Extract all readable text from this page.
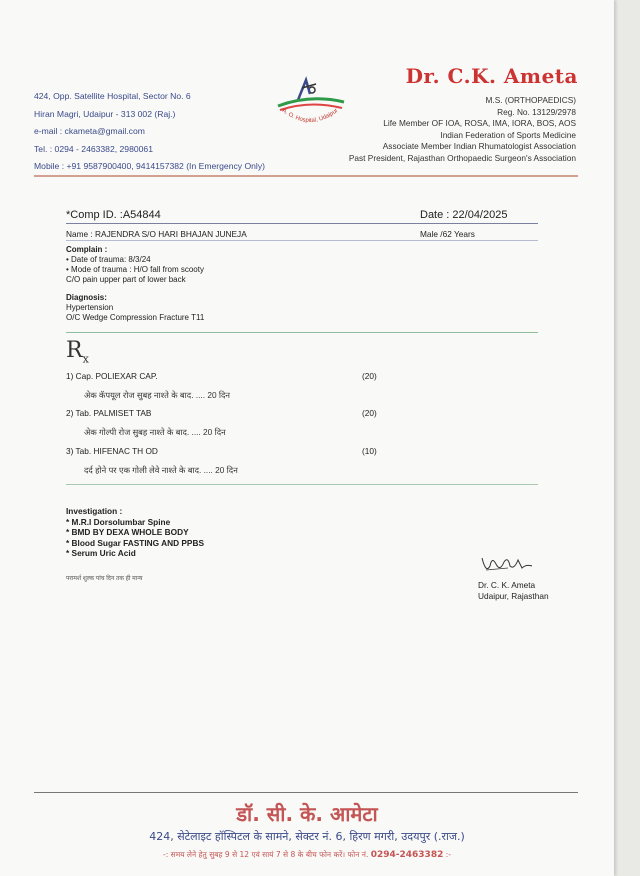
424, Opp. Satellite Hospital, Sector No. 6
Hiran Magri, Udaipur - 313 002 (Raj.)
e-mail : ckameta@gmail.com
Tel. : 0294 - 2463382, 2980061
Mobile : +91 9587900400, 9414157382 (In Emergency Only)
A. O. Hospital, Udaipur
Dr. C.K. Ameta
M.S. (ORTHOPAEDICS)
Reg. No. 13129/2978
Life Member OF IOA, ROSA, IMA, IORA, BOS, AOS
Indian Federation of Sports Medicine
Associate Member Indian Rhumatologist Association
Past President, Rajasthan Orthopaedic Surgeon's Association
*Comp ID. :A54844	Date : 22/04/2025
Name : RAJENDRA S/O HARI BHAJAN JUNEJA	Male /62 Years
Complain :
• Date of trauma: 8/3/24
• Mode of trauma : H/O fall from scooty
C/O pain upper part of lower back
Diagnosis:
Hypertension
O/C Wedge Compression Fracture T11
$R_x$
1) Cap. POLIEXAR CAP.	(20)
अेक कॅपयूल रोज सुबह नाश्ते के बाद. .... 20 दिन
2) Tab. PALMISET TAB	(20)
अेक गोल्पी रोज सुबह नाश्ते के बाद. .... 20 दिन
3) Tab. HIFENAC TH OD	(10)
दर्द होने पर एक गोली लेवे नाश्ते के बाद. .... 20 दिन
Investigation :
* M.R.I Dorsolumbar Spine
* BMD BY DEXA WHOLE BODY
* Blood Sugar FASTING AND PPBS
* Serum Uric Acid
परामर्श शुल्क पांच दिन तक ही मान्य
Dr. C. K. Ameta
Udaipur, Rajasthan
डॉ. सी. के. आमेटा
424, सेटेलाइट हॉस्पिटल के सामने, सेक्टर नं. 6, हिरण मगरी, उदयपुर (.राज.)
-: समय लेने हेतु सुबह 9 से 12 एवं सायं 7 से 8 के बीच फोन करें। फोन नं. 0294-2463382 :-
